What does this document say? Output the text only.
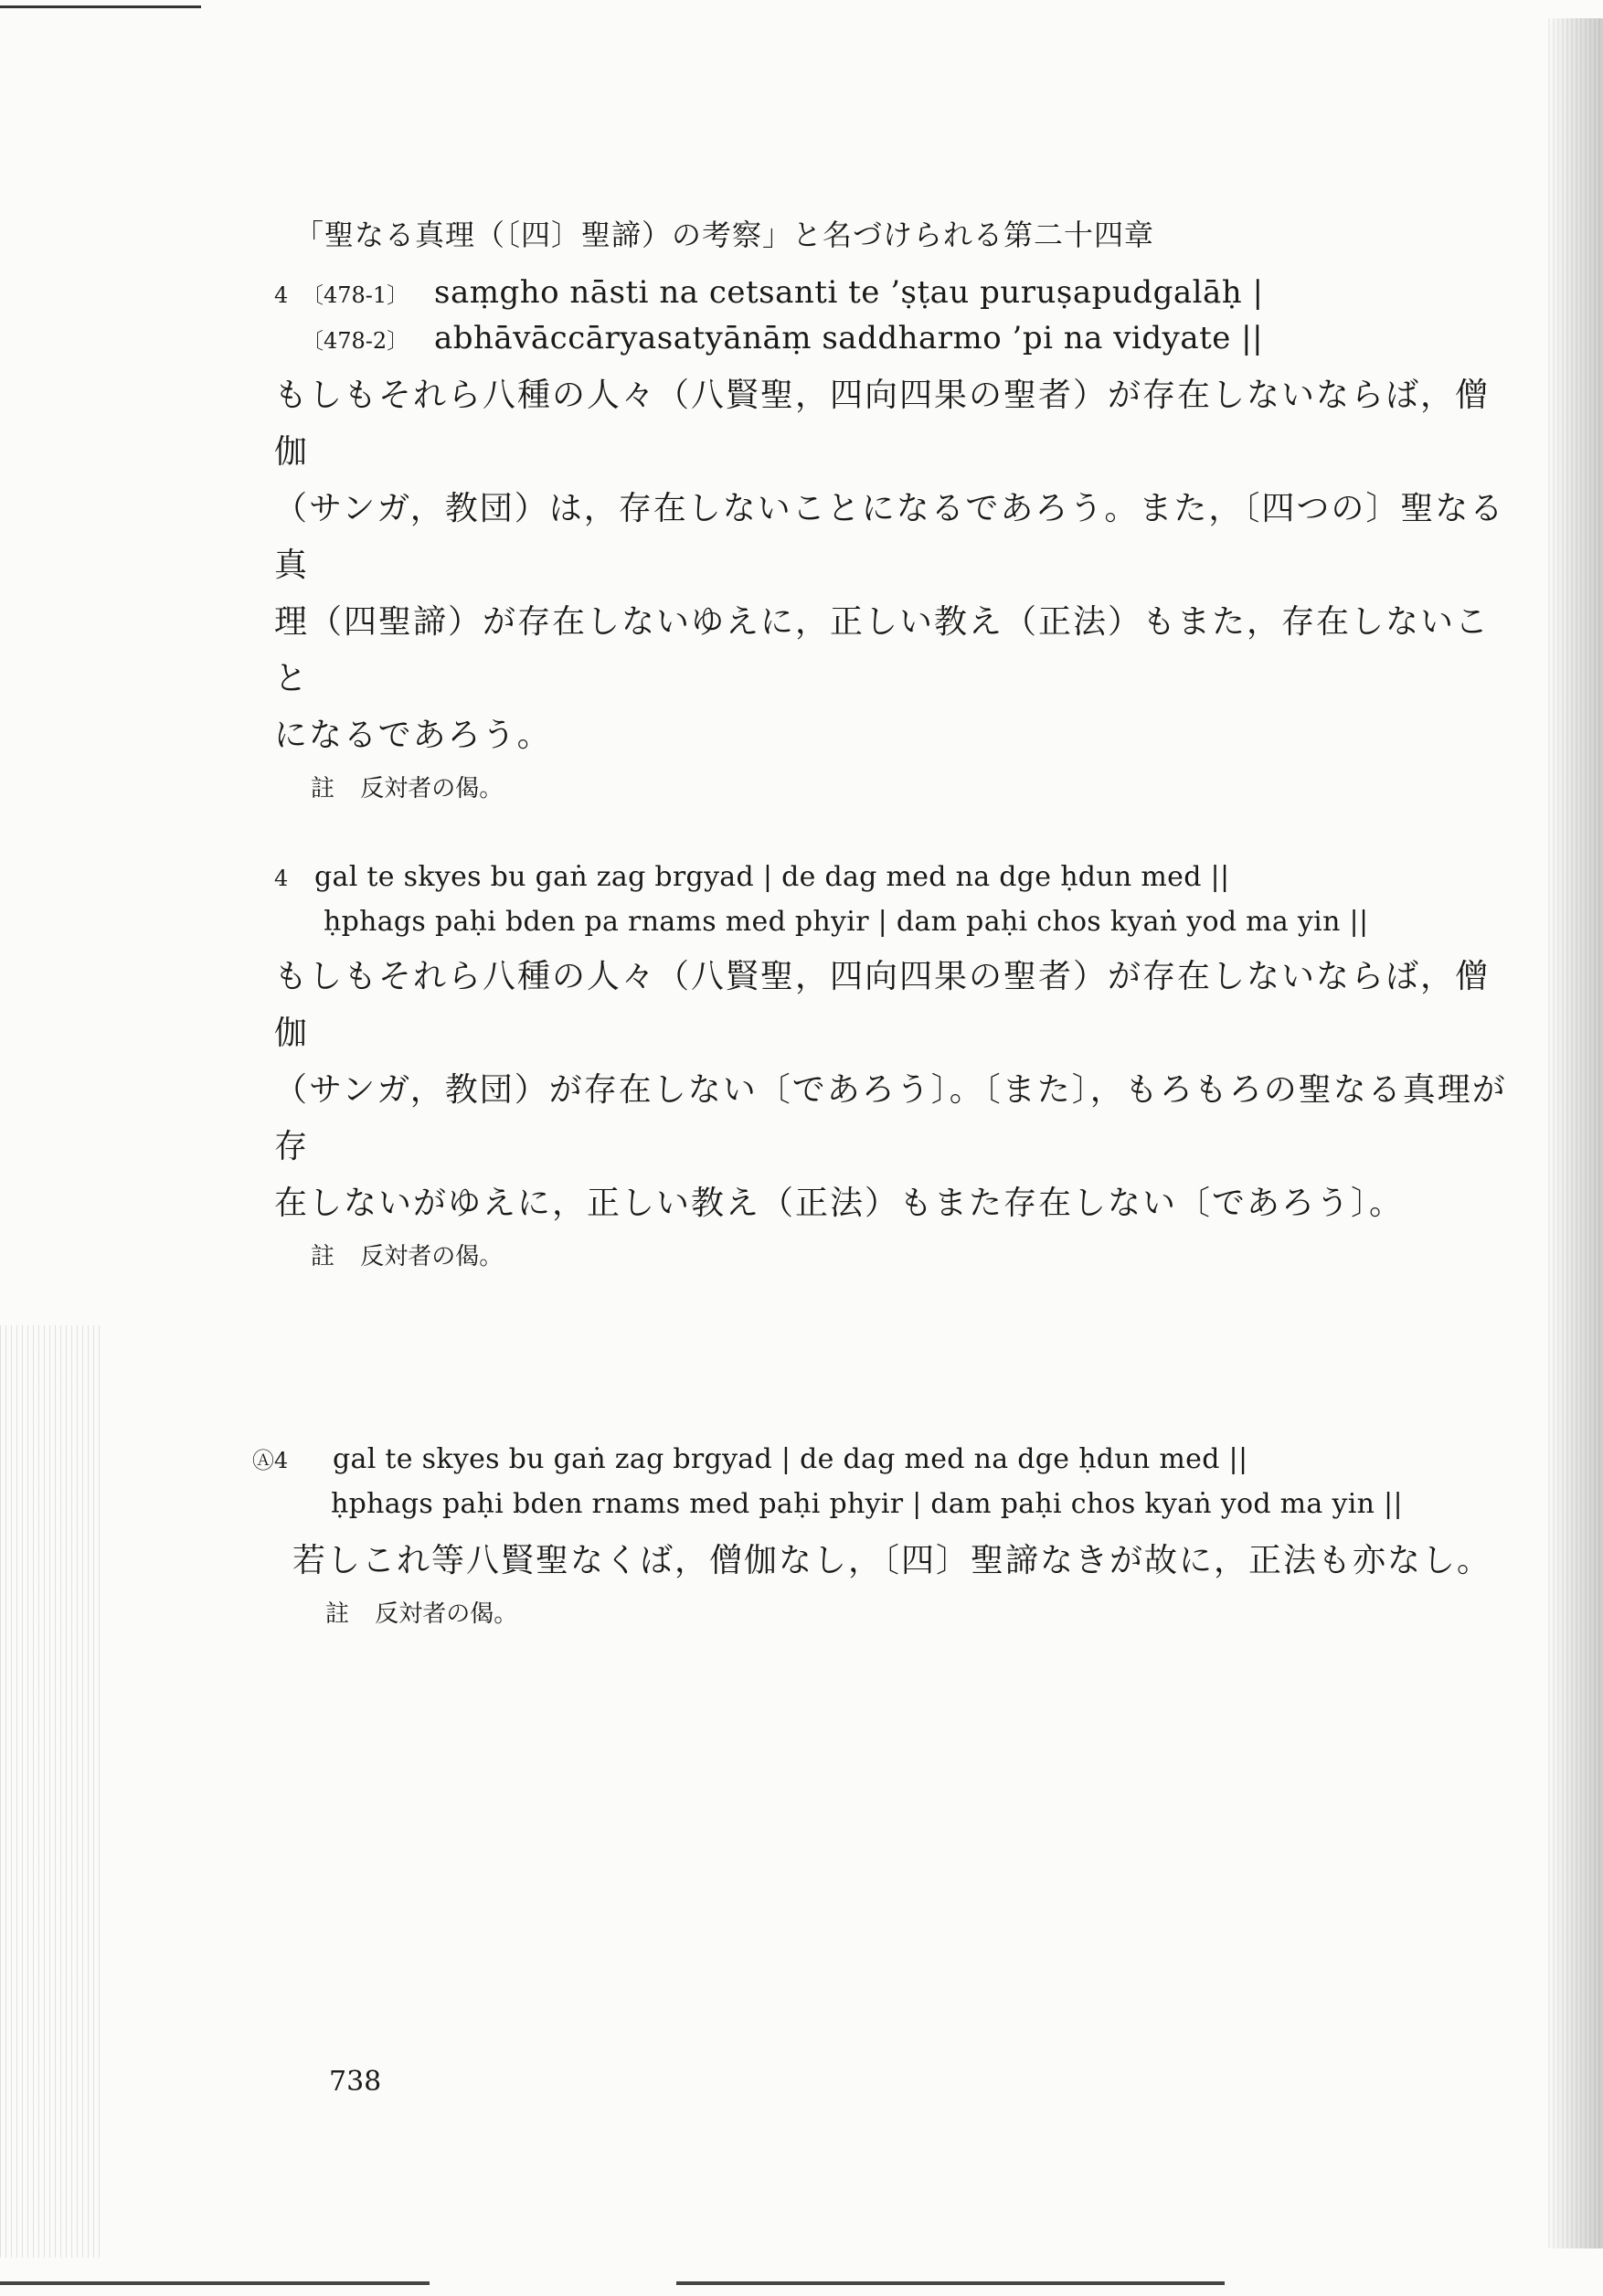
「聖なる真理（〔四〕聖諦）の考察」と名づけられる第二十四章
4 〔478-1〕 saṃgho nāsti na cetsanti te ’ṣṭau puruṣapudgalāḥ |
〔478-2〕 abhāvāccāryasatyānāṃ saddharmo ’pi na vidyate ||
もしもそれら八種の人々（八賢聖，四向四果の聖者）が存在しないならば，僧伽
（サンガ，教団）は，存在しないことになるであろう。また，〔四つの〕聖なる真
理（四聖諦）が存在しないゆえに，正しい教え（正法）もまた，存在しないこと
になるであろう。
註 反対者の偈。
4 gal te skyes bu gaṅ zag brgyad | de dag med na dge ḥdun med ||
ḥphags paḥi bden pa rnams med phyir | dam paḥi chos kyaṅ yod ma yin ||
もしもそれら八種の人々（八賢聖，四向四果の聖者）が存在しないならば，僧伽
（サンガ，教団）が存在しない〔であろう〕。〔また〕，もろもろの聖なる真理が存
在しないがゆえに，正しい教え（正法）もまた存在しない〔であろう〕。
註 反対者の偈。
Ⓐ4	gal te skyes bu gaṅ zag brgyad | de dag med na dge ḥdun med ||
ḥphags paḥi bden rnams med paḥi phyir | dam paḥi chos kyaṅ yod ma yin ||
若しこれ等八賢聖なくば，僧伽なし，〔四〕聖諦なきが故に，正法も亦なし。
註 反対者の偈。
738
